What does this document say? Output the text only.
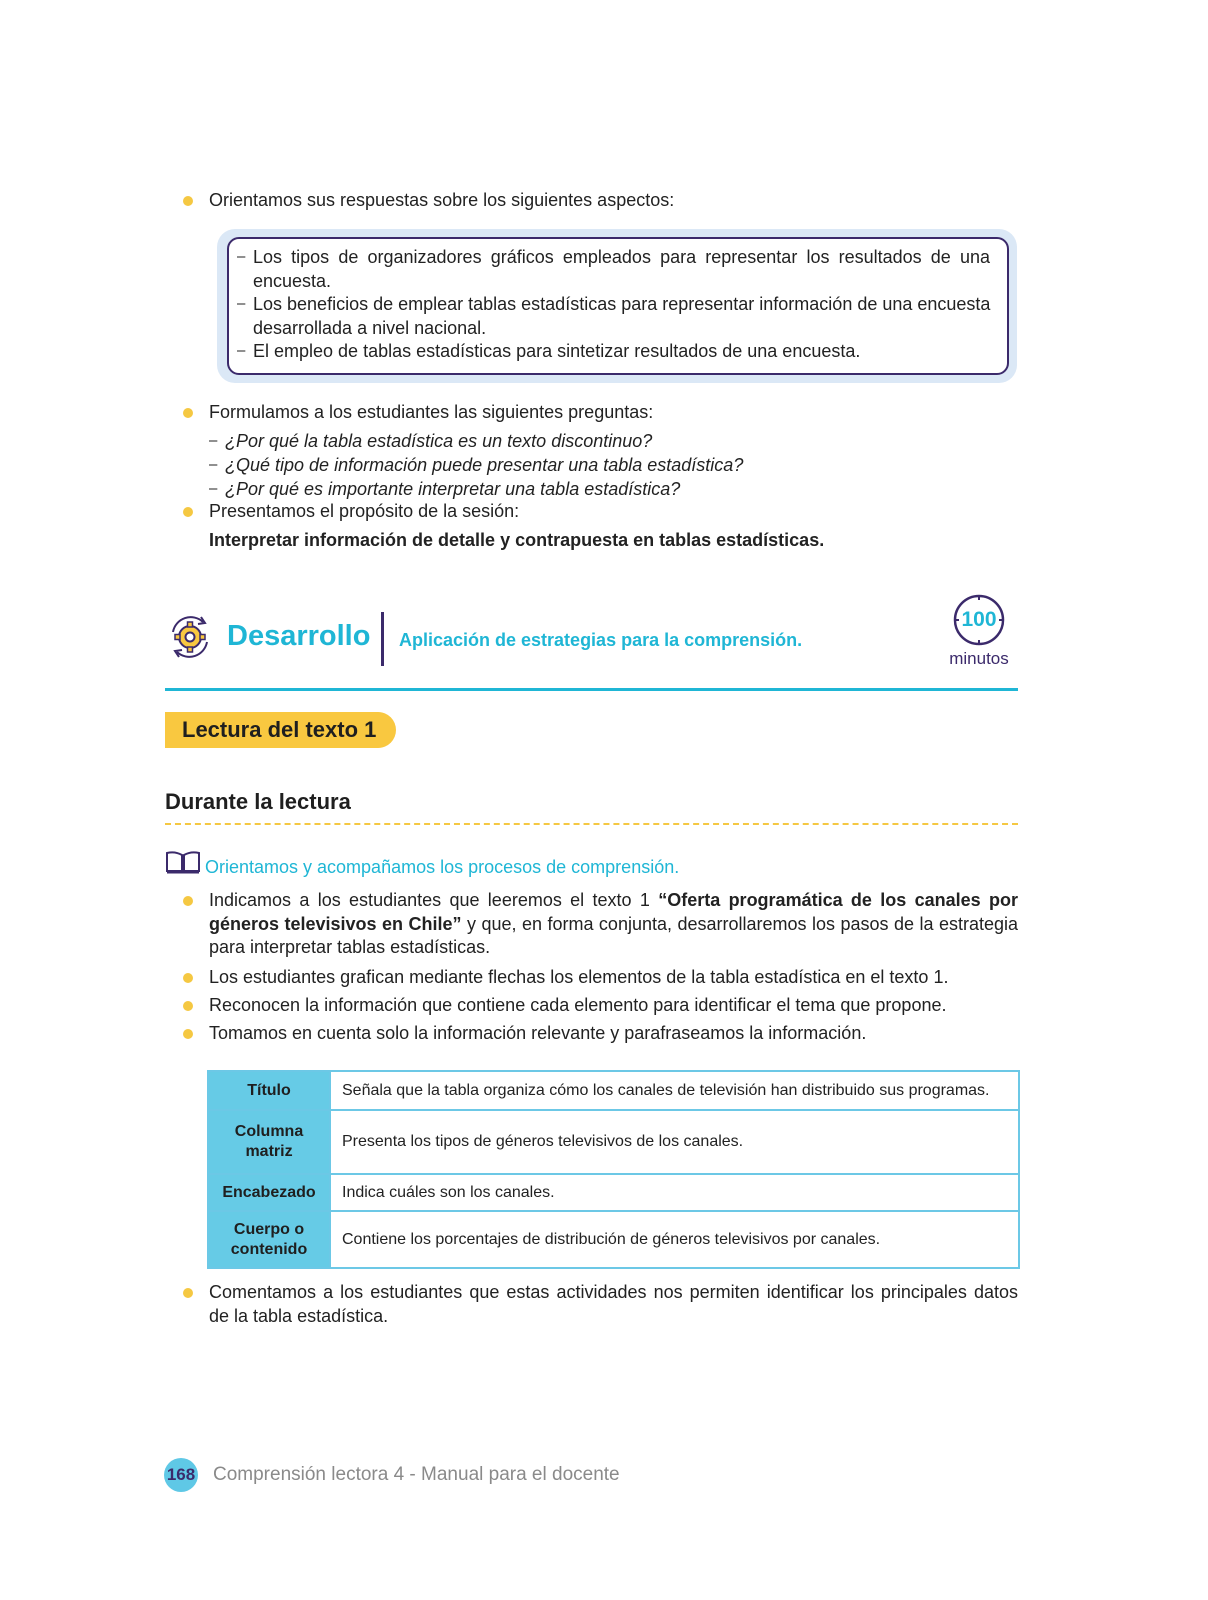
Orientamos sus respuestas sobre los siguientes aspectos:
– Los tipos de organizadores gráficos empleados para representar los resultados de una encuesta.
– Los beneficios de emplear tablas estadísticas para representar información de una encuesta desarrollada a nivel nacional.
– El empleo de tablas estadísticas para sintetizar resultados de una encuesta.
Formulamos a los estudiantes las siguientes preguntas:
– ¿Por qué la tabla estadística es un texto discontinuo?
– ¿Qué tipo de información puede presentar una tabla estadística?
– ¿Por qué es importante interpretar una tabla estadística?
Presentamos el propósito de la sesión:
Interpretar información de detalle y contrapuesta en tablas estadísticas.
Desarrollo Aplicación de estrategias para la comprensión.
100
minutos
Lectura del texto 1
Durante la lectura
Orientamos y acompañamos los procesos de comprensión.
Indicamos a los estudiantes que leeremos el texto 1 “Oferta programática de los canales por géneros televisivos en Chile” y que, en forma conjunta, desarrollaremos los pasos de la estrategia para interpretar tablas estadísticas.
Los estudiantes grafican mediante flechas los elementos de la tabla estadística en el texto 1.
Reconocen la información que contiene cada elemento para identificar el tema que propone.
Tomamos en cuenta solo la información relevante y parafraseamos la información.
Título	Señala que la tabla organiza cómo los canales de televisión han distribuido sus programas.
Columna matriz	Presenta los tipos de géneros televisivos de los canales.
Encabezado	Indica cuáles son los canales.
Cuerpo o contenido	Contiene los porcentajes de distribución de géneros televisivos por canales.
Comentamos a los estudiantes que estas actividades nos permiten identificar los principales datos de la tabla estadística.
168 Comprensión lectora 4 - Manual para el docente
